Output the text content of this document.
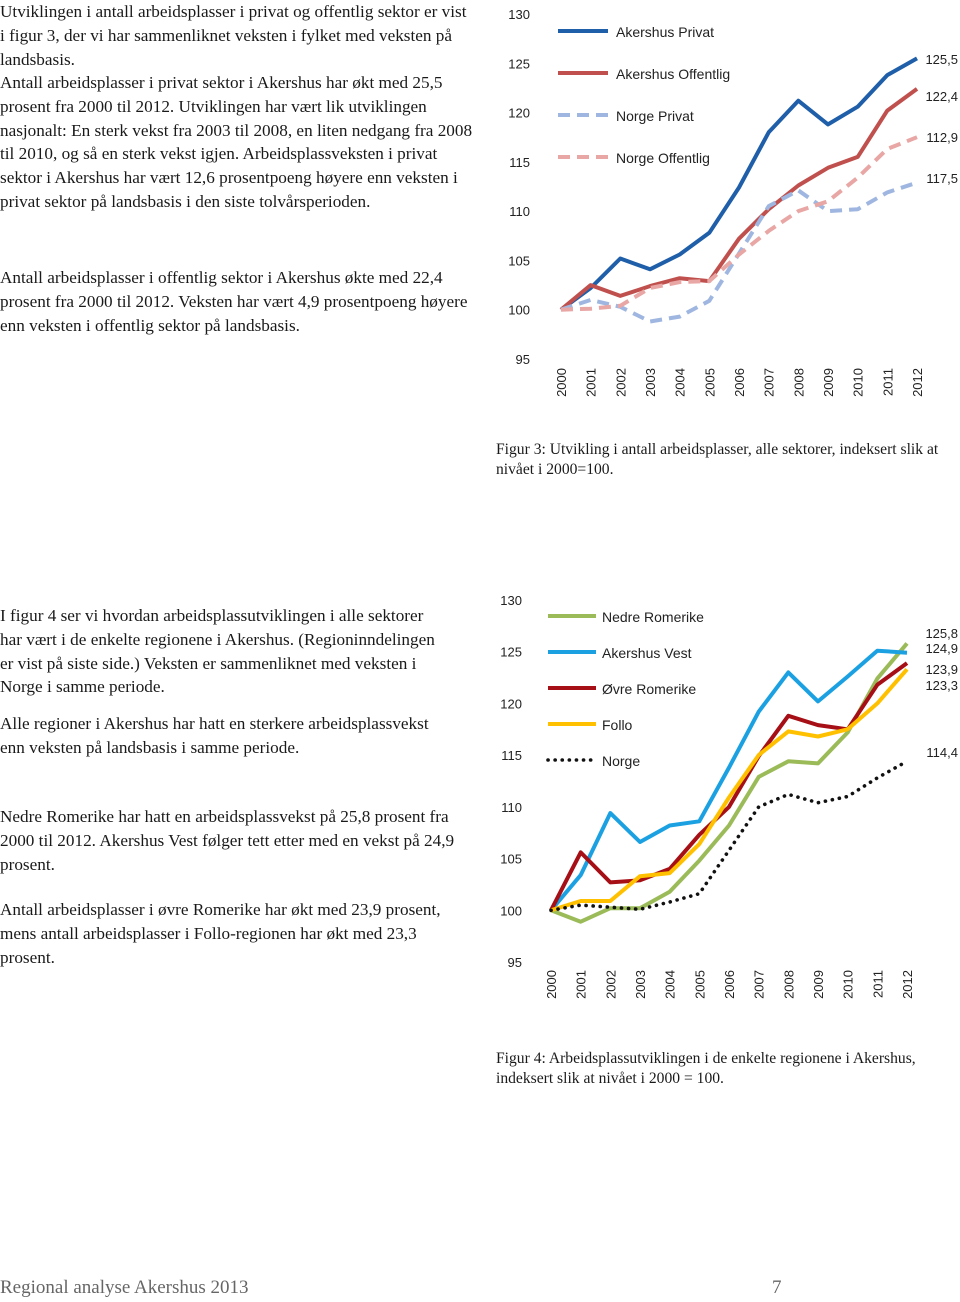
Utviklingen i antall arbeidsplasser i privat og offentlig sektor er vist i figur 3, der vi har sammenliknet veksten i fylket med veksten på landsbasis.

Antall arbeidsplasser i privat sektor i Akershus har økt med 25,5 prosent fra 2000 til 2012. Utviklingen har vært lik utviklingen nasjonalt: En sterk vekst fra 2003 til 2008, en liten nedgang fra 2008 til 2010, og så en sterk vekst igjen. Arbeidsplassveksten i privat sektor i Akershus har vært 12,6 prosentpoeng høyere enn veksten i privat sektor på landsbasis i den siste tolvårsperioden.

Antall arbeidsplasser i offentlig sektor i Akershus økte med 22,4 prosent fra 2000 til 2012. Veksten har vært 4,9 prosentpoeng høyere enn veksten i offentlig sektor på landsbasis.

I figur 4 ser vi hvordan arbeidsplassutviklingen i alle sektorer har vært i de enkelte regionene i Akershus. (Regioninndelingen er vist på siste side.) Veksten er sammenliknet med veksten i Norge i samme periode.

Alle regioner i Akershus har hatt en sterkere arbeidsplassvekst enn veksten på landsbasis i samme periode.

Nedre Romerike har hatt en arbeidsplassvekst på 25,8 prosent fra 2000 til 2012. Akershus Vest følger tett etter med en vekst på 24,9 prosent.

Antall arbeidsplasser i øvre Romerike har økt med 23,9 prosent, mens antall arbeidsplasser i Follo-regionen har økt med 23,3 prosent.

95
100
105
110
115
120
125
130
2000 2001 2002 2003 2004 2005 2006 2007 2008 2009 2010 2011 2012
Akershus Privat
Akershus Offentlig
Norge Privat
Norge Offentlig
125,5
122,4
112,9
117,5

Figur 3: Utvikling i antall arbeidsplasser, alle sektorer, indeksert slik at nivået i 2000=100.

95
100
105
110
115
120
125
130
2000 2001 2002 2003 2004 2005 2006 2007 2008 2009 2010 2011 2012
Nedre Romerike
Akershus Vest
Øvre Romerike
Follo
Norge
125,8
124,9
123,9
123,3
114,4

Figur 4: Arbeidsplassutviklingen i de enkelte regionene i Akershus, indeksert slik at nivået i 2000 = 100.

Regional analyse Akershus 2013	7
